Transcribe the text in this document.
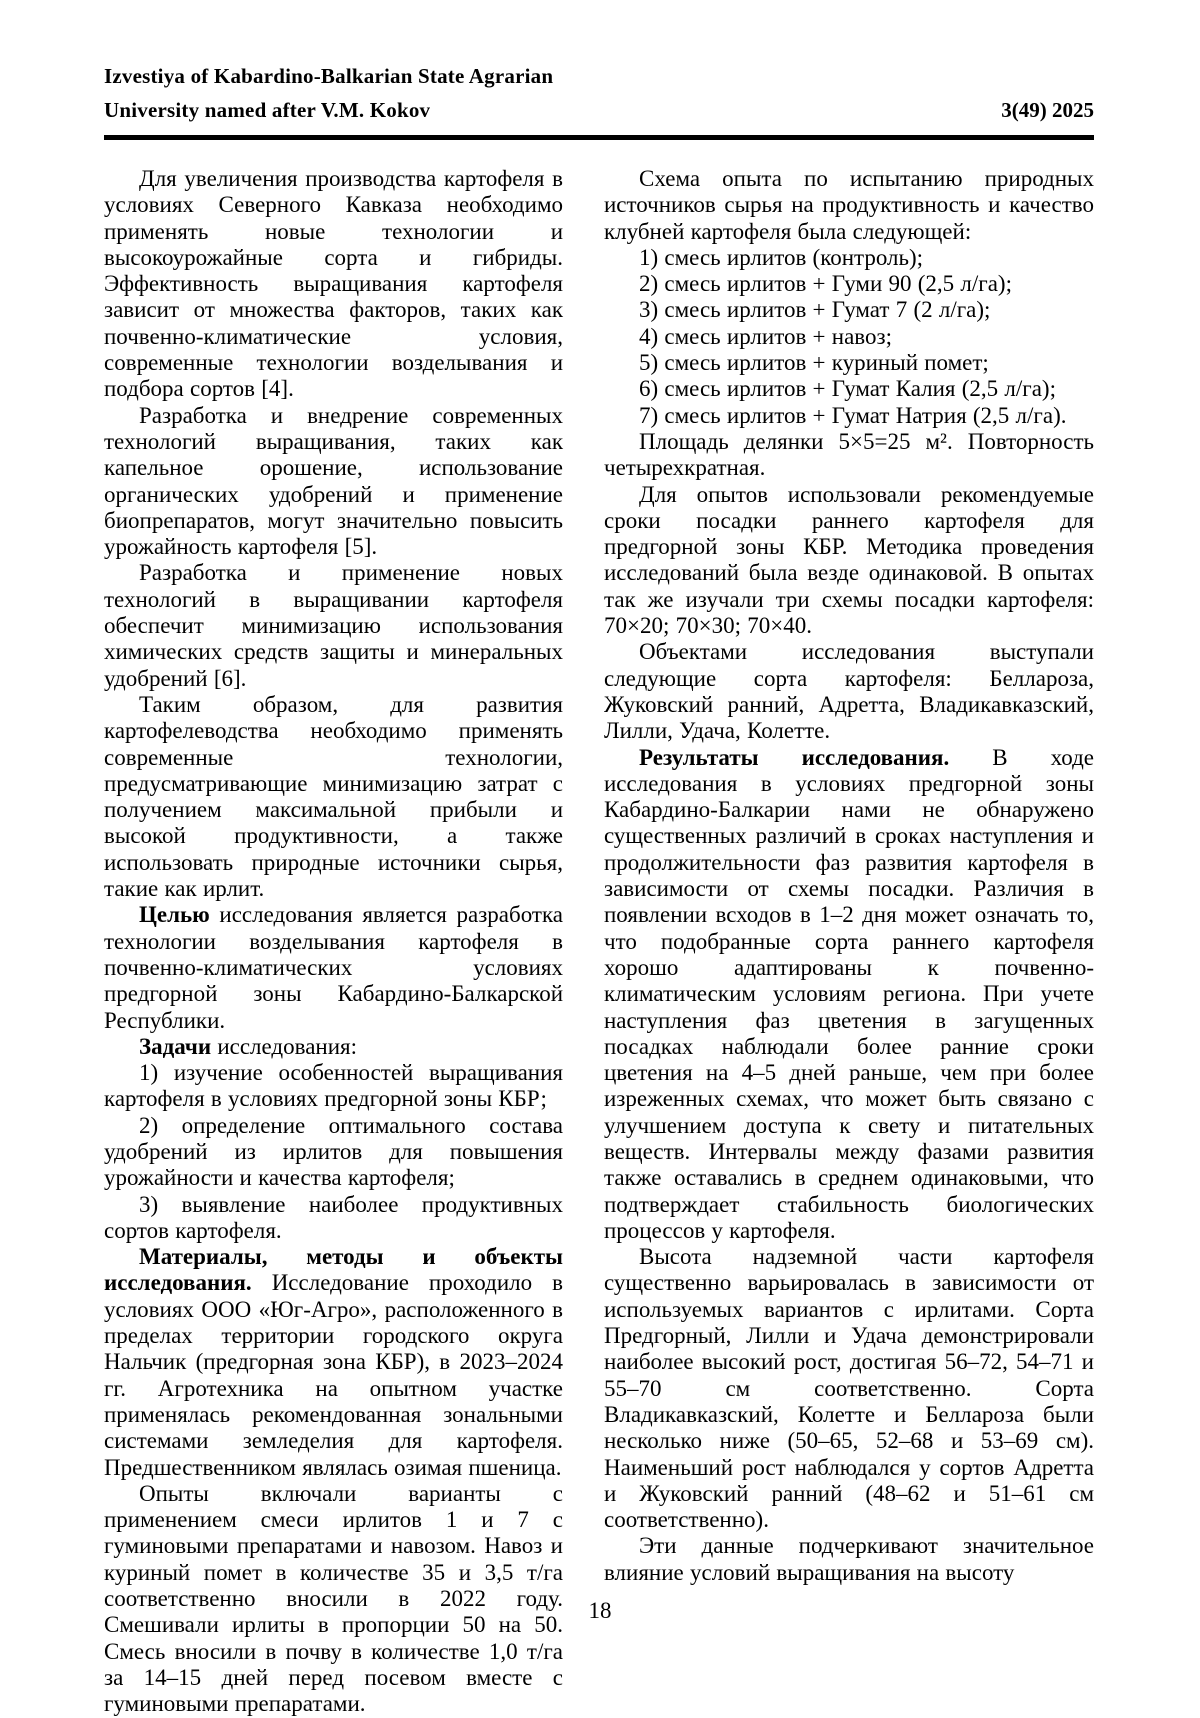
Izvestiya of Kabardino-Balkarian State Agrarian
University named after V.M. Kokov	3(49) 2025

Для увеличения производства картофеля в условиях Северного Кавказа необходимо применять новые технологии и высокоурожайные сорта и гибриды. Эффективность выращивания картофеля зависит от множества факторов, таких как почвенно-климатические условия, современные технологии возделывания и подбора сортов [4].

Разработка и внедрение современных технологий выращивания, таких как капельное орошение, использование органических удобрений и применение биопрепаратов, могут значительно повысить урожайность картофеля [5].

Разработка и применение новых технологий в выращивании картофеля обеспечит минимизацию использования химических средств защиты и минеральных удобрений [6].

Таким образом, для развития картофелеводства необходимо применять современные технологии, предусматривающие минимизацию затрат с получением максимальной прибыли и высокой продуктивности, а также использовать природные источники сырья, такие как ирлит.

Целью исследования является разработка технологии возделывания картофеля в почвенно-климатических условиях предгорной зоны Кабардино-Балкарской Республики.

Задачи исследования:

1) изучение особенностей выращивания картофеля в условиях предгорной зоны КБР;

2) определение оптимального состава удобрений из ирлитов для повышения урожайности и качества картофеля;

3) выявление наиболее продуктивных сортов картофеля.

Материалы, методы и объекты исследования. Исследование проходило в условиях ООО «Юг-Агро», расположенного в пределах территории городского округа Нальчик (предгорная зона КБР), в 2023–2024 гг. Агротехника на опытном участке применялась рекомендованная зональными системами земледелия для картофеля. Предшественником являлась озимая пшеница.

Опыты включали варианты с применением смеси ирлитов 1 и 7 с гуминовыми препаратами и навозом. Навоз и куриный помет в количестве 35 и 3,5 т/га соответственно вносили в 2022 году. Смешивали ирлиты в пропорции 50 на 50. Смесь вносили в почву в количестве 1,0 т/га за 14–15 дней перед посевом вместе с гуминовыми препаратами.

Схема опыта по испытанию природных источников сырья на продуктивность и качество клубней картофеля была следующей:

1) смесь ирлитов (контроль);

2) смесь ирлитов + Гуми 90 (2,5 л/га);

3) смесь ирлитов + Гумат 7 (2 л/га);

4) смесь ирлитов + навоз;

5) смесь ирлитов + куриный помет;

6) смесь ирлитов + Гумат Калия (2,5 л/га);

7) смесь ирлитов + Гумат Натрия (2,5 л/га).

Площадь делянки 5×5=25 м². Повторность четырехкратная.

Для опытов использовали рекомендуемые сроки посадки раннего картофеля для предгорной зоны КБР. Методика проведения исследований была везде одинаковой. В опытах так же изучали три схемы посадки картофеля: 70×20; 70×30; 70×40.

Объектами исследования выступали следующие сорта картофеля: Беллароза, Жуковский ранний, Адретта, Владикавказский, Лилли, Удача, Колетте.

Результаты исследования. В ходе исследования в условиях предгорной зоны Кабардино-Балкарии нами не обнаружено существенных различий в сроках наступления и продолжительности фаз развития картофеля в зависимости от схемы посадки. Различия в появлении всходов в 1–2 дня может означать то, что подобранные сорта раннего картофеля хорошо адаптированы к почвенно-климатическим условиям региона. При учете наступления фаз цветения в загущенных посадках наблюдали более ранние сроки цветения на 4–5 дней раньше, чем при более изреженных схемах, что может быть связано с улучшением доступа к свету и питательных веществ. Интервалы между фазами развития также оставались в среднем одинаковыми, что подтверждает стабильность биологических процессов у картофеля.

Высота надземной части картофеля существенно варьировалась в зависимости от используемых вариантов с ирлитами. Сорта Предгорный, Лилли и Удача демонстрировали наиболее высокий рост, достигая 56–72, 54–71 и 55–70 см соответственно. Сорта Владикавказский, Колетте и Беллароза были несколько ниже (50–65, 52–68 и 53–69 см). Наименьший рост наблюдался у сортов Адретта и Жуковский ранний (48–62 и 51–61 см соответственно).

Эти данные подчеркивают значительное влияние условий выращивания на высоту

18
